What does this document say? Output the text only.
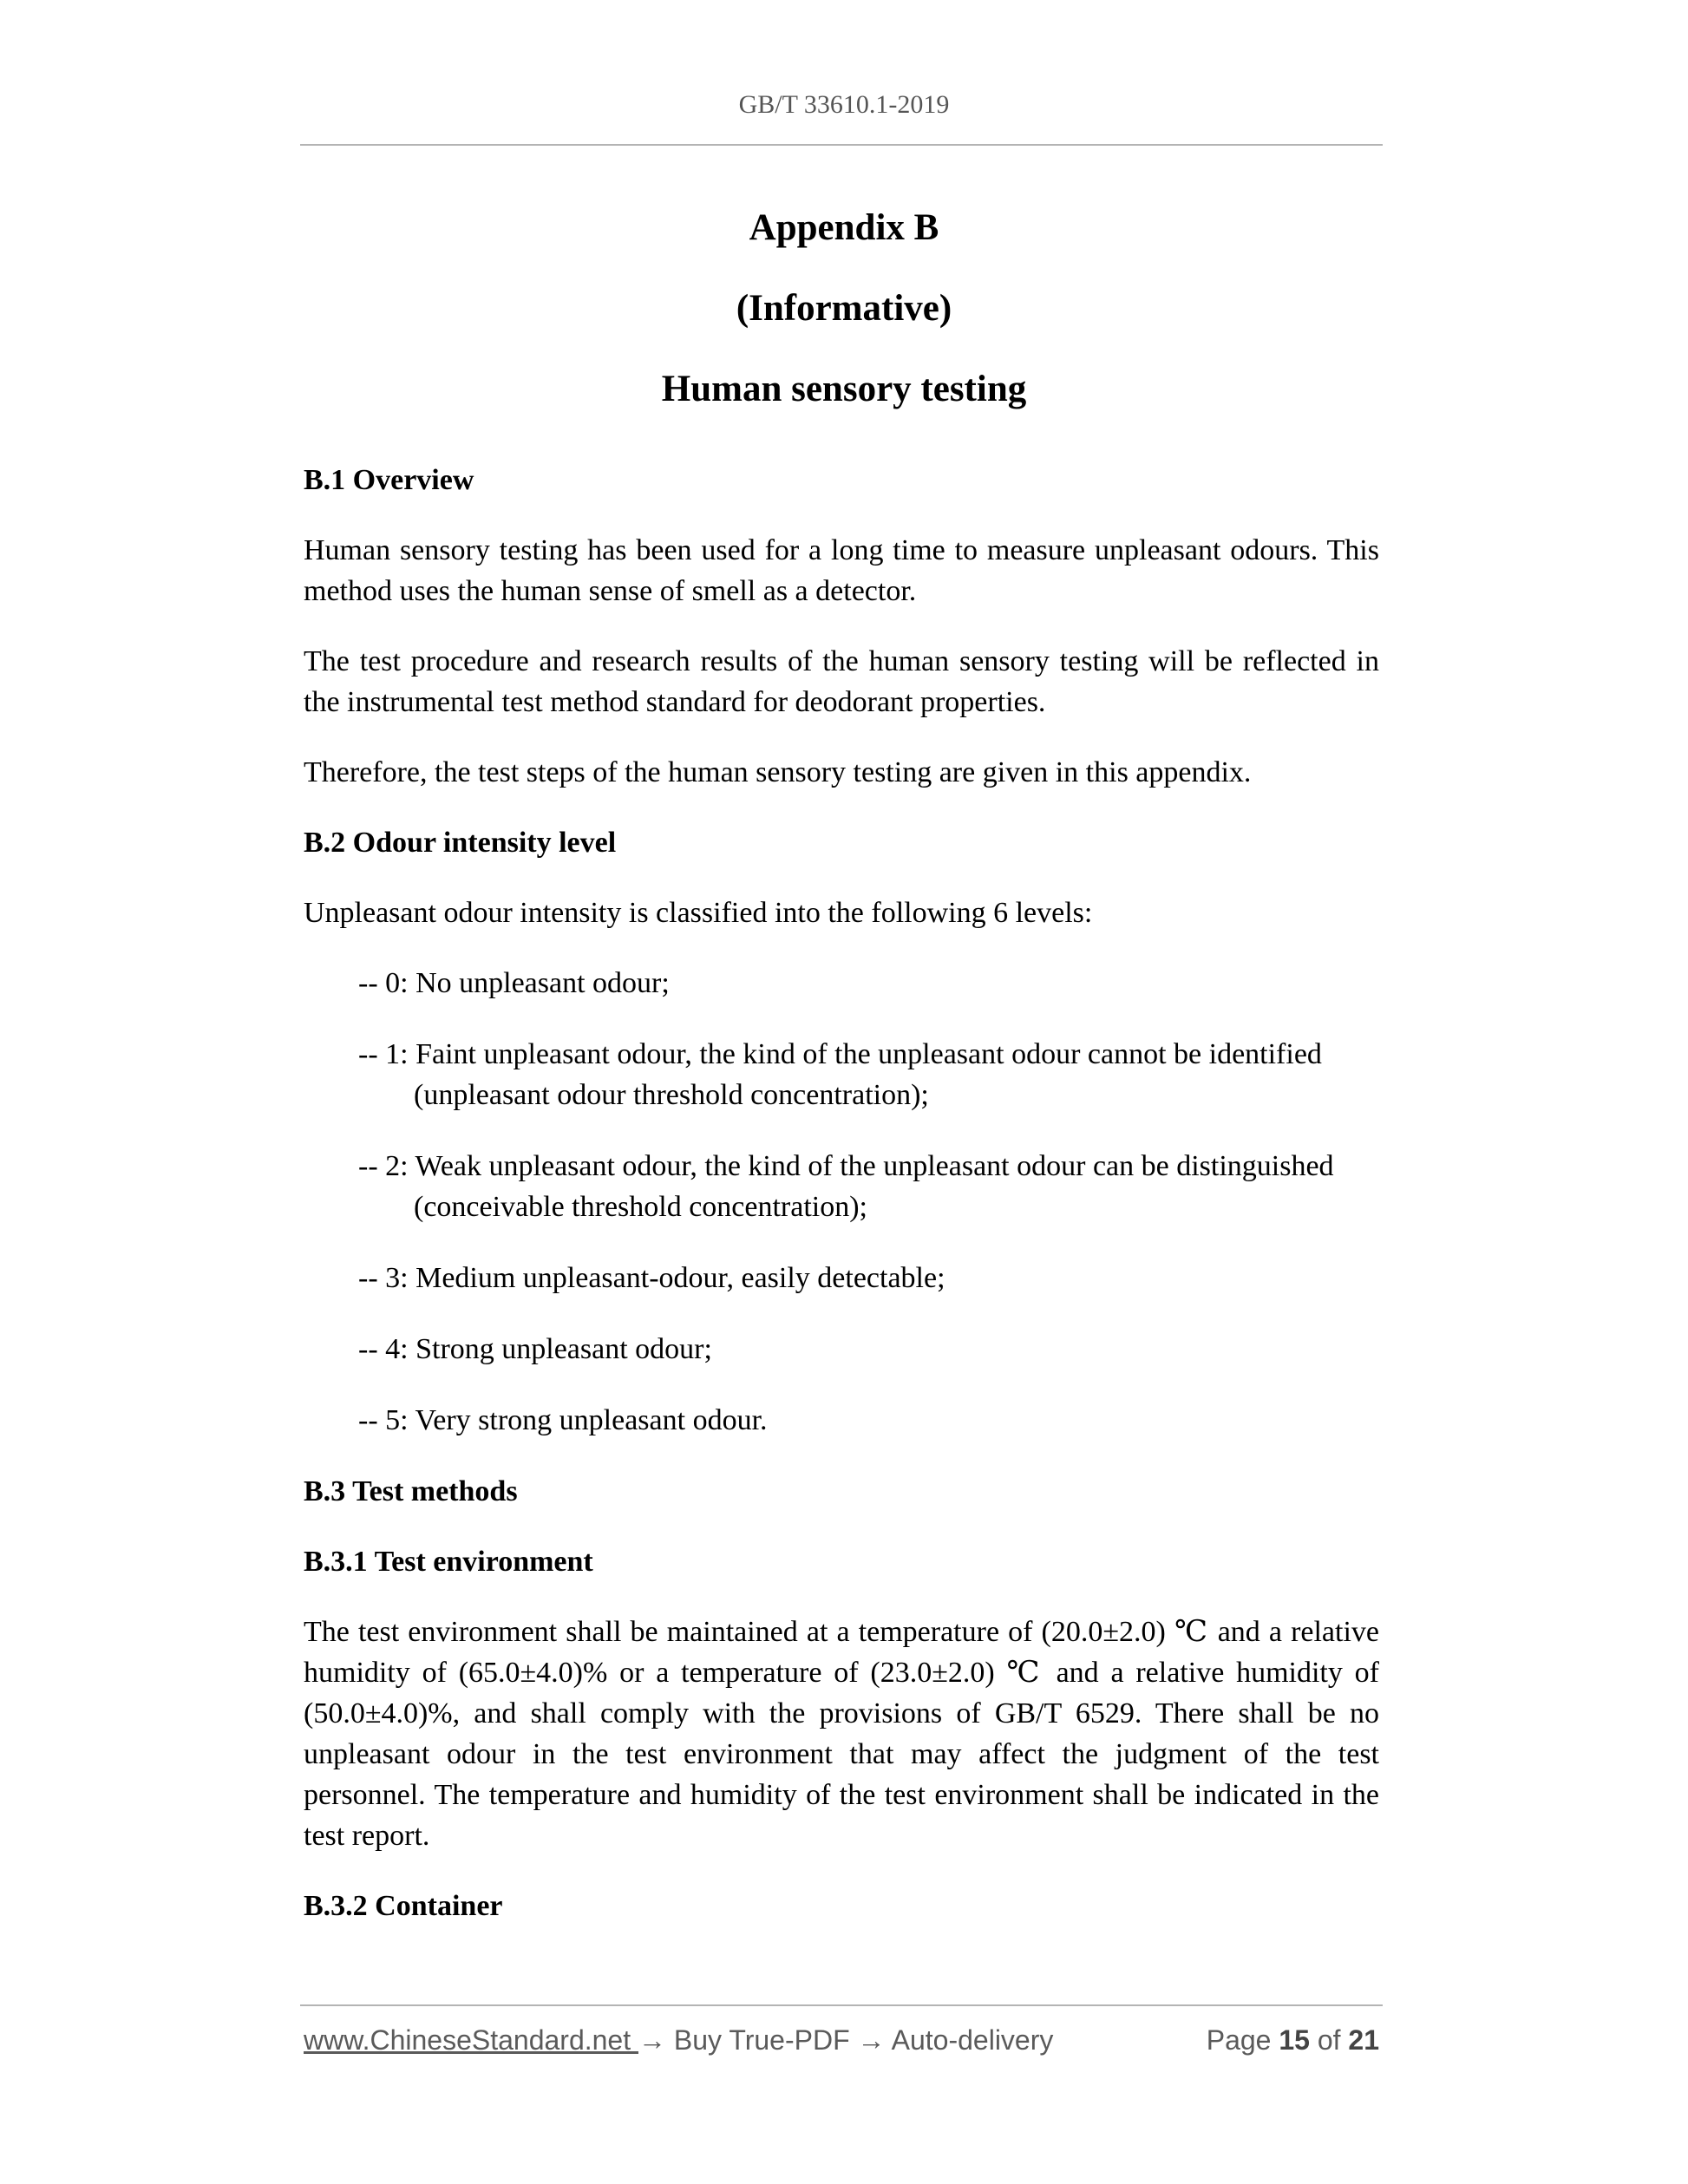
GB/T 33610.1-2019
Appendix B
(Informative)
Human sensory testing
B.1 Overview

Human sensory testing has been used for a long time to measure unpleasant odours. This method uses the human sense of smell as a detector.

The test procedure and research results of the human sensory testing will be reflected in the instrumental test method standard for deodorant properties.

Therefore, the test steps of the human sensory testing are given in this appendix.

B.2 Odour intensity level

Unpleasant odour intensity is classified into the following 6 levels:

-- 0: No unpleasant odour;
-- 1: Faint unpleasant odour, the kind of the unpleasant odour cannot be identified (unpleasant odour threshold concentration);
-- 2: Weak unpleasant odour, the kind of the unpleasant odour can be distinguished (conceivable threshold concentration);
-- 3: Medium unpleasant-odour, easily detectable;
-- 4: Strong unpleasant odour;
-- 5: Very strong unpleasant odour.
B.3 Test methods
B.3.1 Test environment

The test environment shall be maintained at a temperature of (20.0±2.0) ℃ and a relative humidity of (65.0±4.0)% or a temperature of (23.0±2.0) ℃ and a relative humidity of (50.0±4.0)%, and shall comply with the provisions of GB/T 6529. There shall be no unpleasant odour in the test environment that may affect the judgment of the test personnel. The temperature and humidity of the test environment shall be indicated in the test report.

B.3.2 Container
www.ChineseStandard.net → Buy True-PDF → Auto-delivery	Page 15 of 21
